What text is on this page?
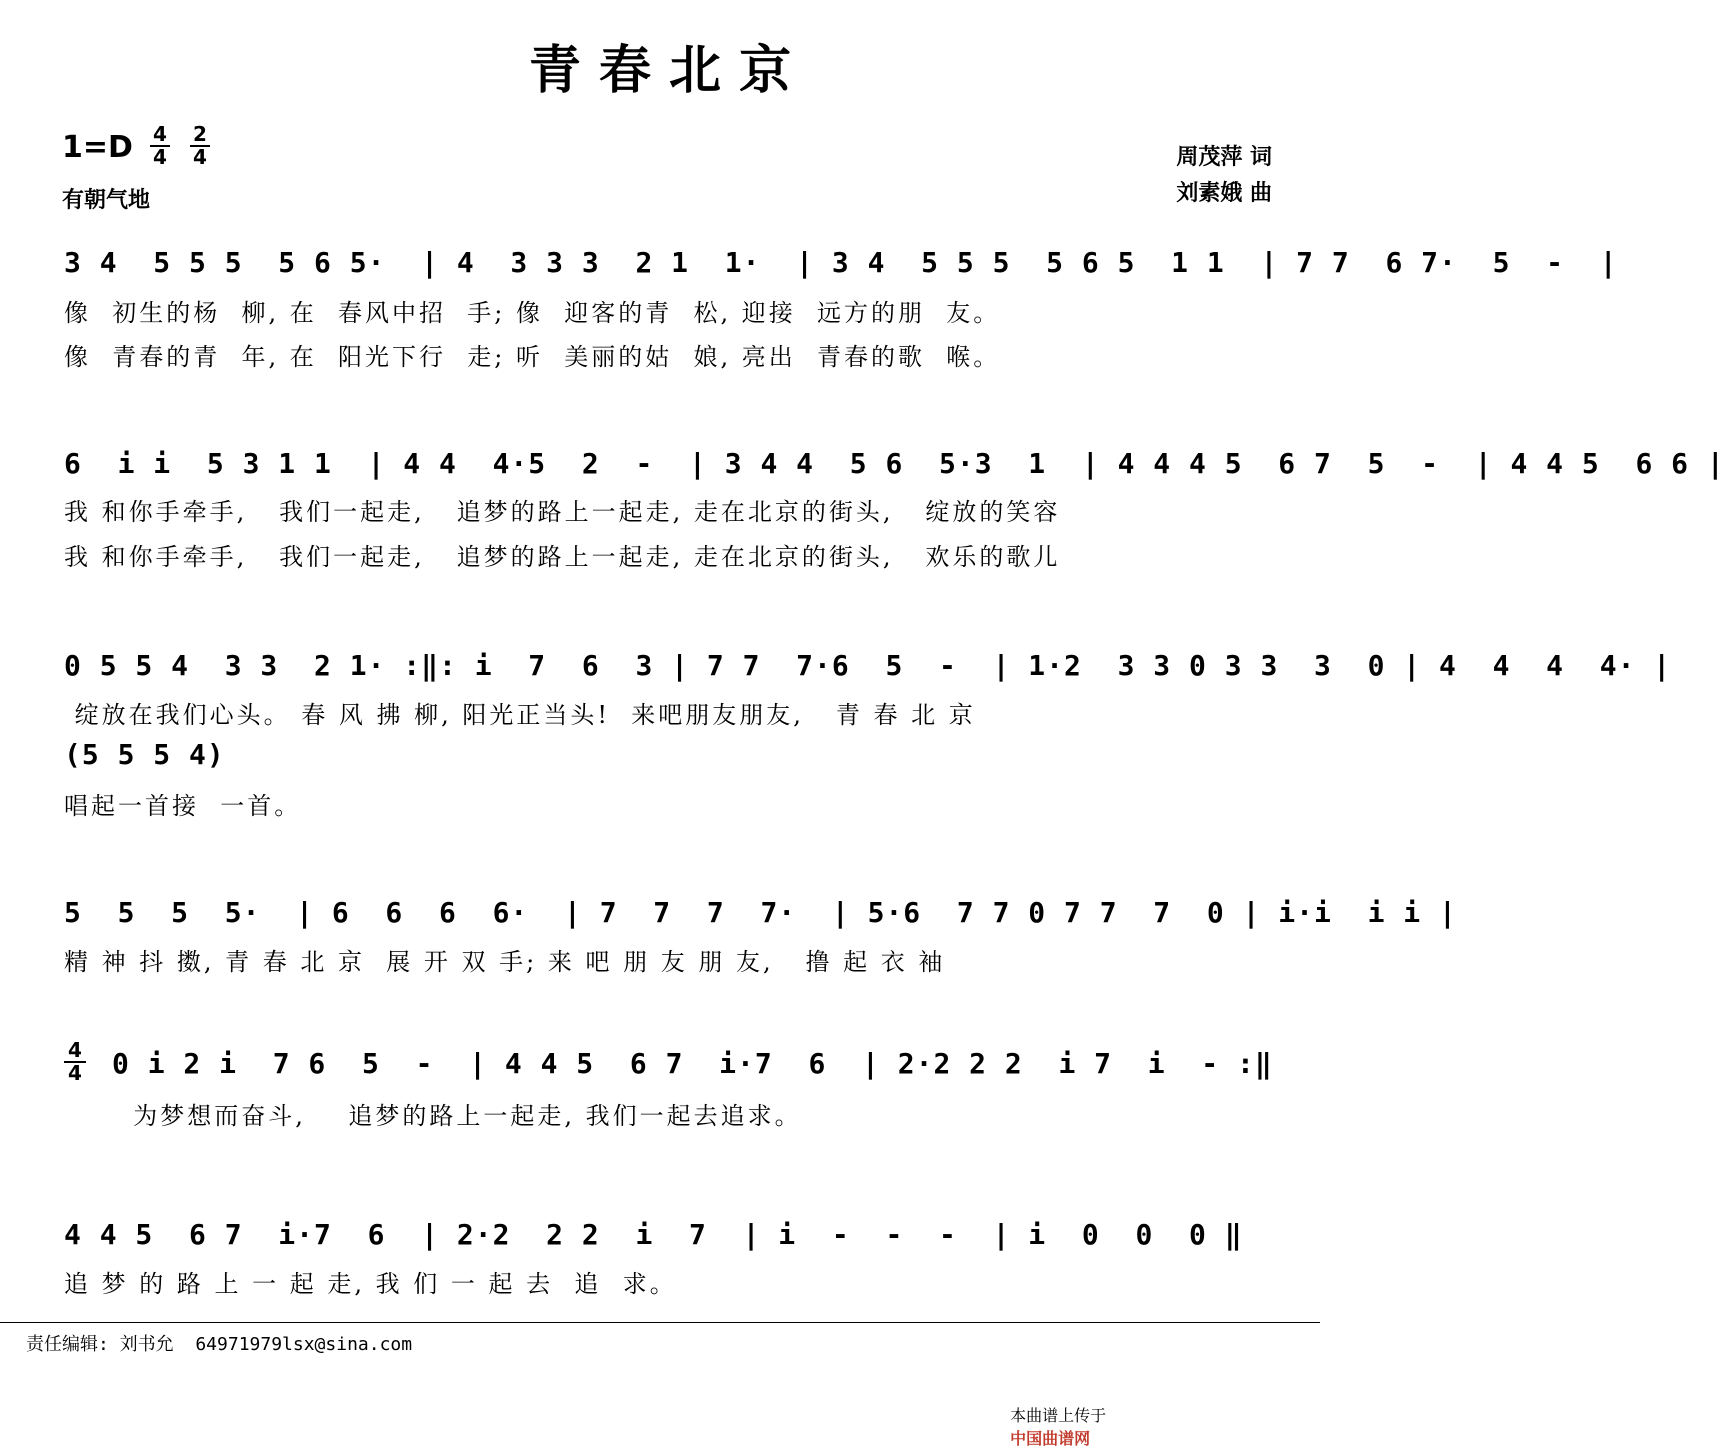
青 春 北 京
1=D 4
4
2
4
有朝气地
周茂萍 词
刘素娥 曲
3 4  5 5 5  5 6 5·  | 4  3 3 3  2 1  1·  | 3 4  5 5 5  5 6 5  1 1  | 7 7  6 7·  5  -  |
像  初生的杨  柳, 在  春风中招  手; 像  迎客的青  松, 迎接  远方的朋  友。
像  青春的青  年, 在  阳光下行  走; 听  美丽的姑  娘, 亮出  青春的歌  喉。
6  i i  5 3 1 1  | 4 4  4·5  2  -  | 3 4 4  5 6  5·3  1  | 4 4 4 5  6 7  5  -  | 4 4 5  6 6 |
我 和你手牵手,   我们一起走,   追梦的路上一起走, 走在北京的街头,   绽放的笑容
我 和你手牵手,   我们一起走,   追梦的路上一起走, 走在北京的街头,   欢乐的歌儿
0 5 5 4  3 3  2 1· :‖: i  7  6  3 | 7 7  7·6  5  -  | 1·2  3 3 0 3 3  3  0 | 4  4  4  4· |
绽放在我们心头。 春 风 拂 柳, 阳光正当头!  来吧朋友朋友,   青 春 北 京
(5 5 5 4)
唱起一首接  一首。
5  5  5  5·  | 6  6  6  6·  | 7  7  7  7·  | 5·6  7 7 0 7 7  7  0 | i·i  i i |
精 神 抖 擞, 青 春 北 京  展 开 双 手; 来 吧 朋 友 朋 友,   撸 起 衣 袖
4
4 0 i 2 i  7 6  5  -  | 4 4 5  6 7  i·7  6  | 2·2 2 2  i 7  i  - :‖
为梦想而奋斗,    追梦的路上一起走, 我们一起去追求。
4 4 5  6 7  i·7  6  | 2·2  2 2  i  7  | i  -  -  -  | i  0  0  0 ‖
追 梦 的 路 上 一 起 走, 我 们 一 起 去  追  求。
责任编辑: 刘书允  64971979lsx@sina.com

本曲谱上传于
中国曲谱网
